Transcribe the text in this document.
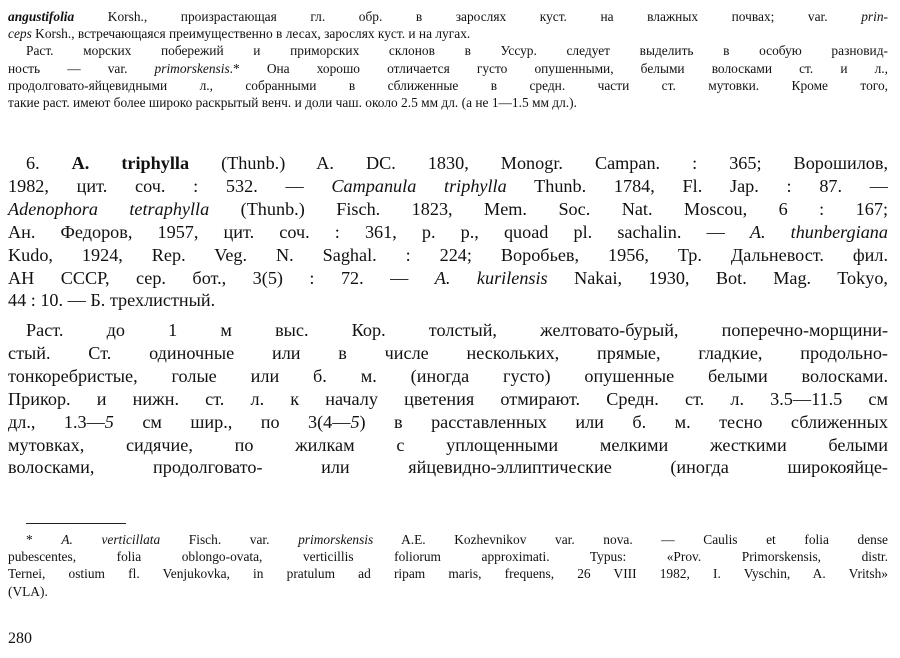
angustifolia Korsh., произрастающая гл. обр. в зарослях куст. на влажных почвах; var. prin-
ceps Korsh., встречающаяся преимущественно в лесах, зарослях куст. и на лугах.
Раст. морских побережий и приморских склонов в Уссур. следует выделить в особую разновид-
ность — var. primorskensis.* Она хорошо отличается густо опушенными, белыми волосками ст. и л.,
продолговато-яйцевидными л., собранными в сближенные в средн. части ст. мутовки. Кроме того,
такие раст. имеют более широко раскрытый венч. и доли чаш. около 2.5 мм дл. (а не 1—1.5 мм дл.).
6. A. triphylla (Thunb.) A. DC. 1830, Monogr. Campan. : 365; Ворошилов,
1982, цит. соч. : 532. — Campanula triphylla Thunb. 1784, Fl. Jap. : 87. —
Adenophora tetraphylla (Thunb.) Fisch. 1823, Mem. Soc. Nat. Moscou, 6 : 167;
Ан. Федоров, 1957, цит. соч. : 361, p. p., quoad pl. sachalin. — A. thunbergiana
Kudo, 1924, Rep. Veg. N. Saghal. : 224; Воробьев, 1956, Тр. Дальневост. фил.
АН СССР, сер. бот., 3(5) : 72. — A. kurilensis Nakai, 1930, Bot. Mag. Tokyo,
44 : 10. — Б. трехлистный.
Раст. до 1 м выс. Кор. толстый, желтовато-бурый, поперечно-морщини-
стый. Ст. одиночные или в числе нескольких, прямые, гладкие, продольно-
тонкоребристые, голые или б. м. (иногда густо) опушенные белыми волосками.
Прикор. и нижн. ст. л. к началу цветения отмирают. Средн. ст. л. 3.5—11.5 см
дл., 1.3—5 см шир., по 3(4—5) в расставленных или б. м. тесно сближенных
мутовках, сидячие, по жилкам с уплощенными мелкими жесткими белыми
волосками, продолговато- или яйцевидно-эллиптические (иногда широкояйце-
* A. verticillata Fisch. var. primorskensis A.E. Kozhevnikov var. nova. — Caulis et folia dense
pubescentes, folia oblongo-ovata, verticillis foliorum approximati. Typus: «Prov. Primorskensis, distr.
Ternei, ostium fl. Venjukovka, in pratulum ad ripam maris, frequens, 26 VIII 1982, I. Vyschin, A. Vritsh»
(VLA).
280
